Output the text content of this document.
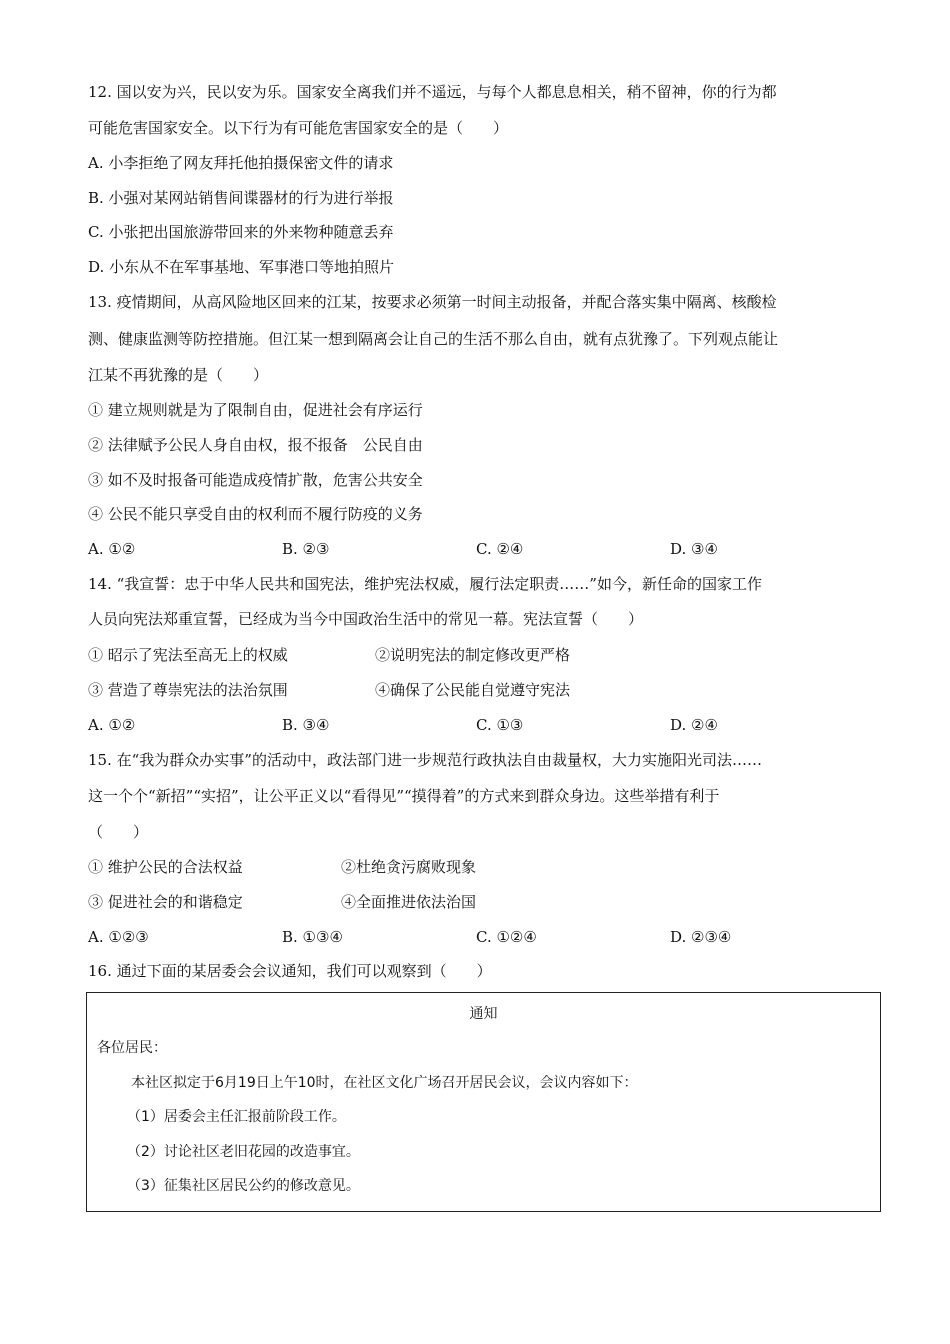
12. 国以安为兴，民以安为乐。国家安全离我们并不遥远，与每个人都息息相关，稍不留神，你的行为都
可能危害国家安全。以下行为有可能危害国家安全的是（　　）
A. 小李拒绝了网友拜托他拍摄保密文件的请求
B. 小强对某网站销售间谍器材的行为进行举报
C. 小张把出国旅游带回来的外来物种随意丢弃
D. 小东从不在军事基地、军事港口等地拍照片
13. 疫情期间，从高风险地区回来的江某，按要求必须第一时间主动报备，并配合落实集中隔离、核酸检
测、健康监测等防控措施。但江某一想到隔离会让自己的生活不那么自由，就有点犹豫了。下列观点能让
江某不再犹豫的是（　　）
① 建立规则就是为了限制自由，促进社会有序运行
② 法律赋予公民人身自由权，报不报备　公民自由
③ 如不及时报备可能造成疫情扩散，危害公共安全
④ 公民不能只享受自由的权利而不履行防疫的义务
A. ①②	B. ②③	C. ②④	D. ③④
14. “我宣誓：忠于中华人民共和国宪法，维护宪法权威，履行法定职责……”如今，新任命的国家工作
人员向宪法郑重宣誓，已经成为当今中国政治生活中的常见一幕。宪法宣誓（　　）
① 昭示了宪法至高无上的权威	②说明宪法的制定修改更严格
③ 营造了尊崇宪法的法治氛围	④确保了公民能自觉遵守宪法
A. ①②	B. ③④	C. ①③	D. ②④
15. 在“我为群众办实事”的活动中，政法部门进一步规范行政执法自由裁量权，大力实施阳光司法……
这一个个“新招”“实招”，让公平正义以“看得见”“摸得着”的方式来到群众身边。这些举措有利于
（　　）
① 维护公民的合法权益	②杜绝贪污腐败现象
③ 促进社会的和谐稳定	④全面推进依法治国
A. ①②③	B. ①③④	C. ①②④	D. ②③④
16. 通过下面的某居委会会议通知，我们可以观察到（　　）
通知
各位居民：
本社区拟定于6月19日上午10时，在社区文化广场召开居民会议，会议内容如下：
（1）居委会主任汇报前阶段工作。
（2）讨论社区老旧花园的改造事宜。
（3）征集社区居民公约的修改意见。
